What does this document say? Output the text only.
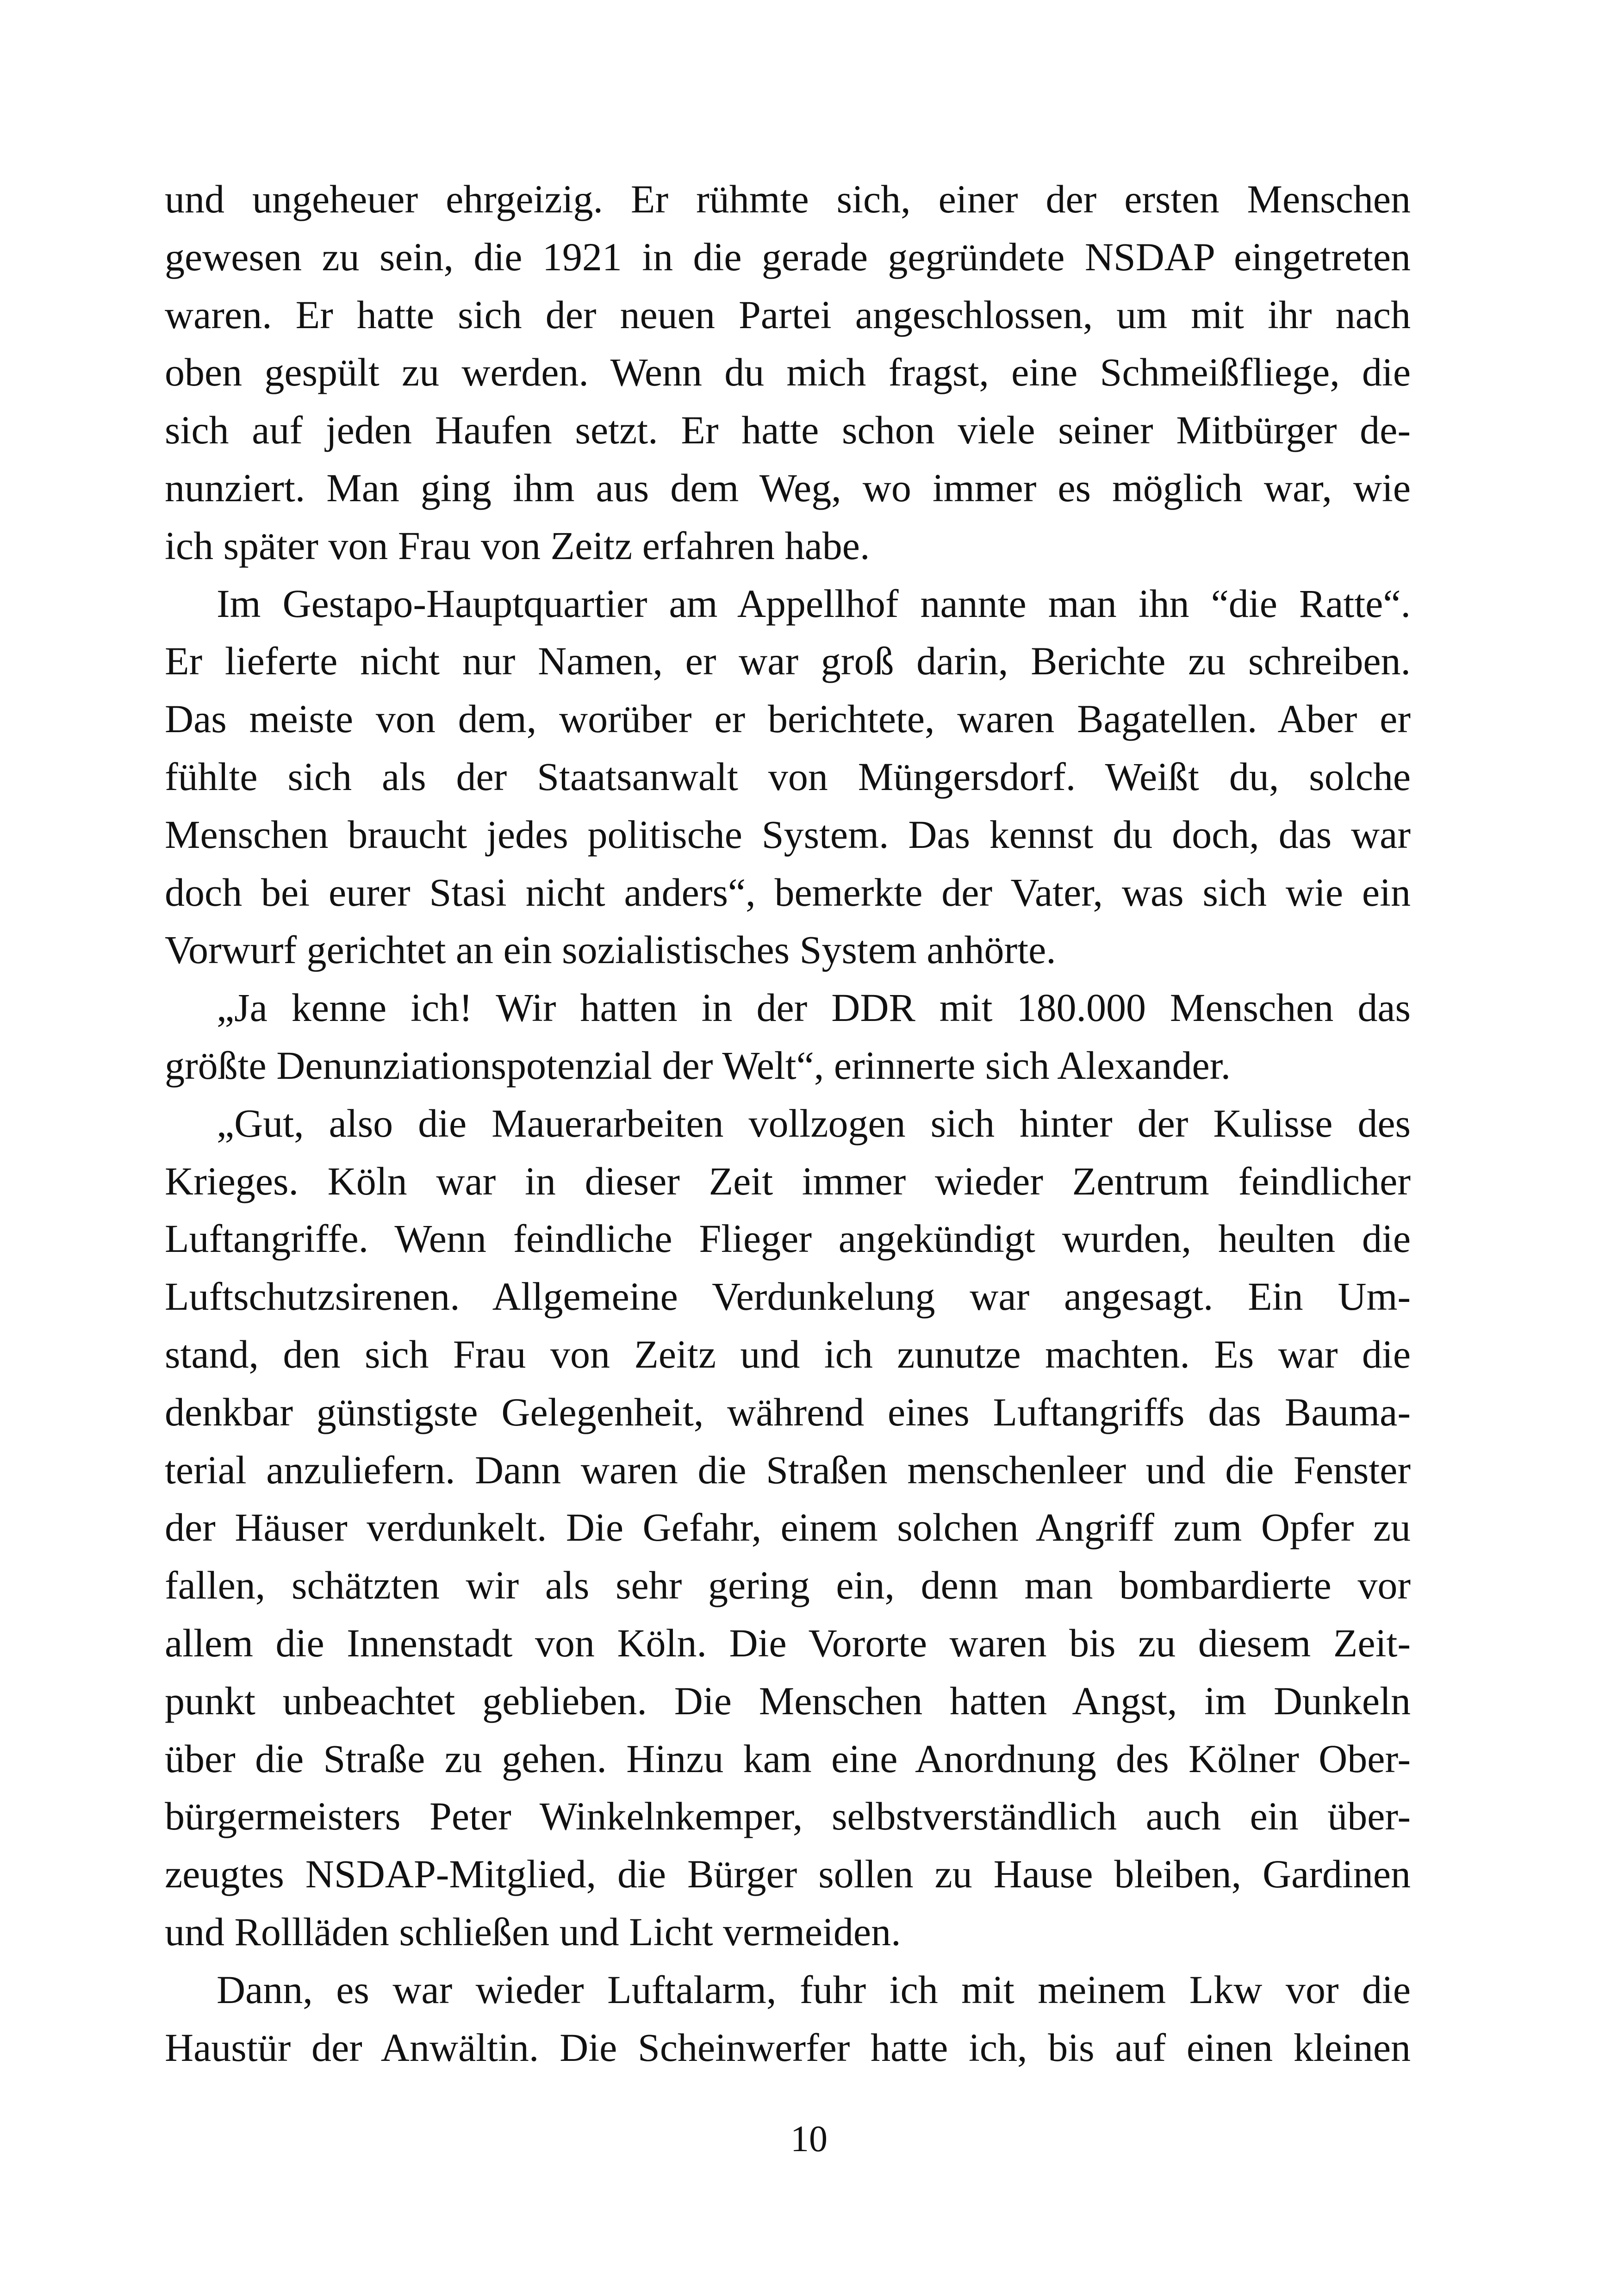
und ungeheuer ehrgeizig. Er rühmte sich, einer der ersten Menschen
gewesen zu sein, die 1921 in die gerade gegründete NSDAP eingetreten
waren. Er hatte sich der neuen Partei angeschlossen, um mit ihr nach
oben gespült zu werden. Wenn du mich fragst, eine Schmeißfliege, die
sich auf jeden Haufen setzt. Er hatte schon viele seiner Mitbürger de-
nunziert. Man ging ihm aus dem Weg, wo immer es möglich war, wie
ich später von Frau von Zeitz erfahren habe.
Im Gestapo-Hauptquartier am Appellhof nannte man ihn “die Ratte“.
Er lieferte nicht nur Namen, er war groß darin, Berichte zu schreiben.
Das meiste von dem, worüber er berichtete, waren Bagatellen. Aber er
fühlte sich als der Staatsanwalt von Müngersdorf. Weißt du, solche
Menschen braucht jedes politische System. Das kennst du doch, das war
doch bei eurer Stasi nicht anders“, bemerkte der Vater, was sich wie ein
Vorwurf gerichtet an ein sozialistisches System anhörte.
„Ja kenne ich! Wir hatten in der DDR mit 180.000 Menschen das
größte Denunziationspotenzial der Welt“, erinnerte sich Alexander.
„Gut, also die Mauerarbeiten vollzogen sich hinter der Kulisse des
Krieges. Köln war in dieser Zeit immer wieder Zentrum feindlicher
Luftangriffe. Wenn feindliche Flieger angekündigt wurden, heulten die
Luftschutzsirenen. Allgemeine Verdunkelung war angesagt. Ein Um-
stand, den sich Frau von Zeitz und ich zunutze machten. Es war die
denkbar günstigste Gelegenheit, während eines Luftangriffs das Bauma-
terial anzuliefern. Dann waren die Straßen menschenleer und die Fenster
der Häuser verdunkelt. Die Gefahr, einem solchen Angriff zum Opfer zu
fallen, schätzten wir als sehr gering ein, denn man bombardierte vor
allem die Innenstadt von Köln. Die Vororte waren bis zu diesem Zeit-
punkt unbeachtet geblieben. Die Menschen hatten Angst, im Dunkeln
über die Straße zu gehen. Hinzu kam eine Anordnung des Kölner Ober-
bürgermeisters Peter Winkelnkemper, selbstverständlich auch ein über-
zeugtes NSDAP-Mitglied, die Bürger sollen zu Hause bleiben, Gardinen
und Rollläden schließen und Licht vermeiden.
Dann, es war wieder Luftalarm, fuhr ich mit meinem Lkw vor die
Haustür der Anwältin. Die Scheinwerfer hatte ich, bis auf einen kleinen
10
